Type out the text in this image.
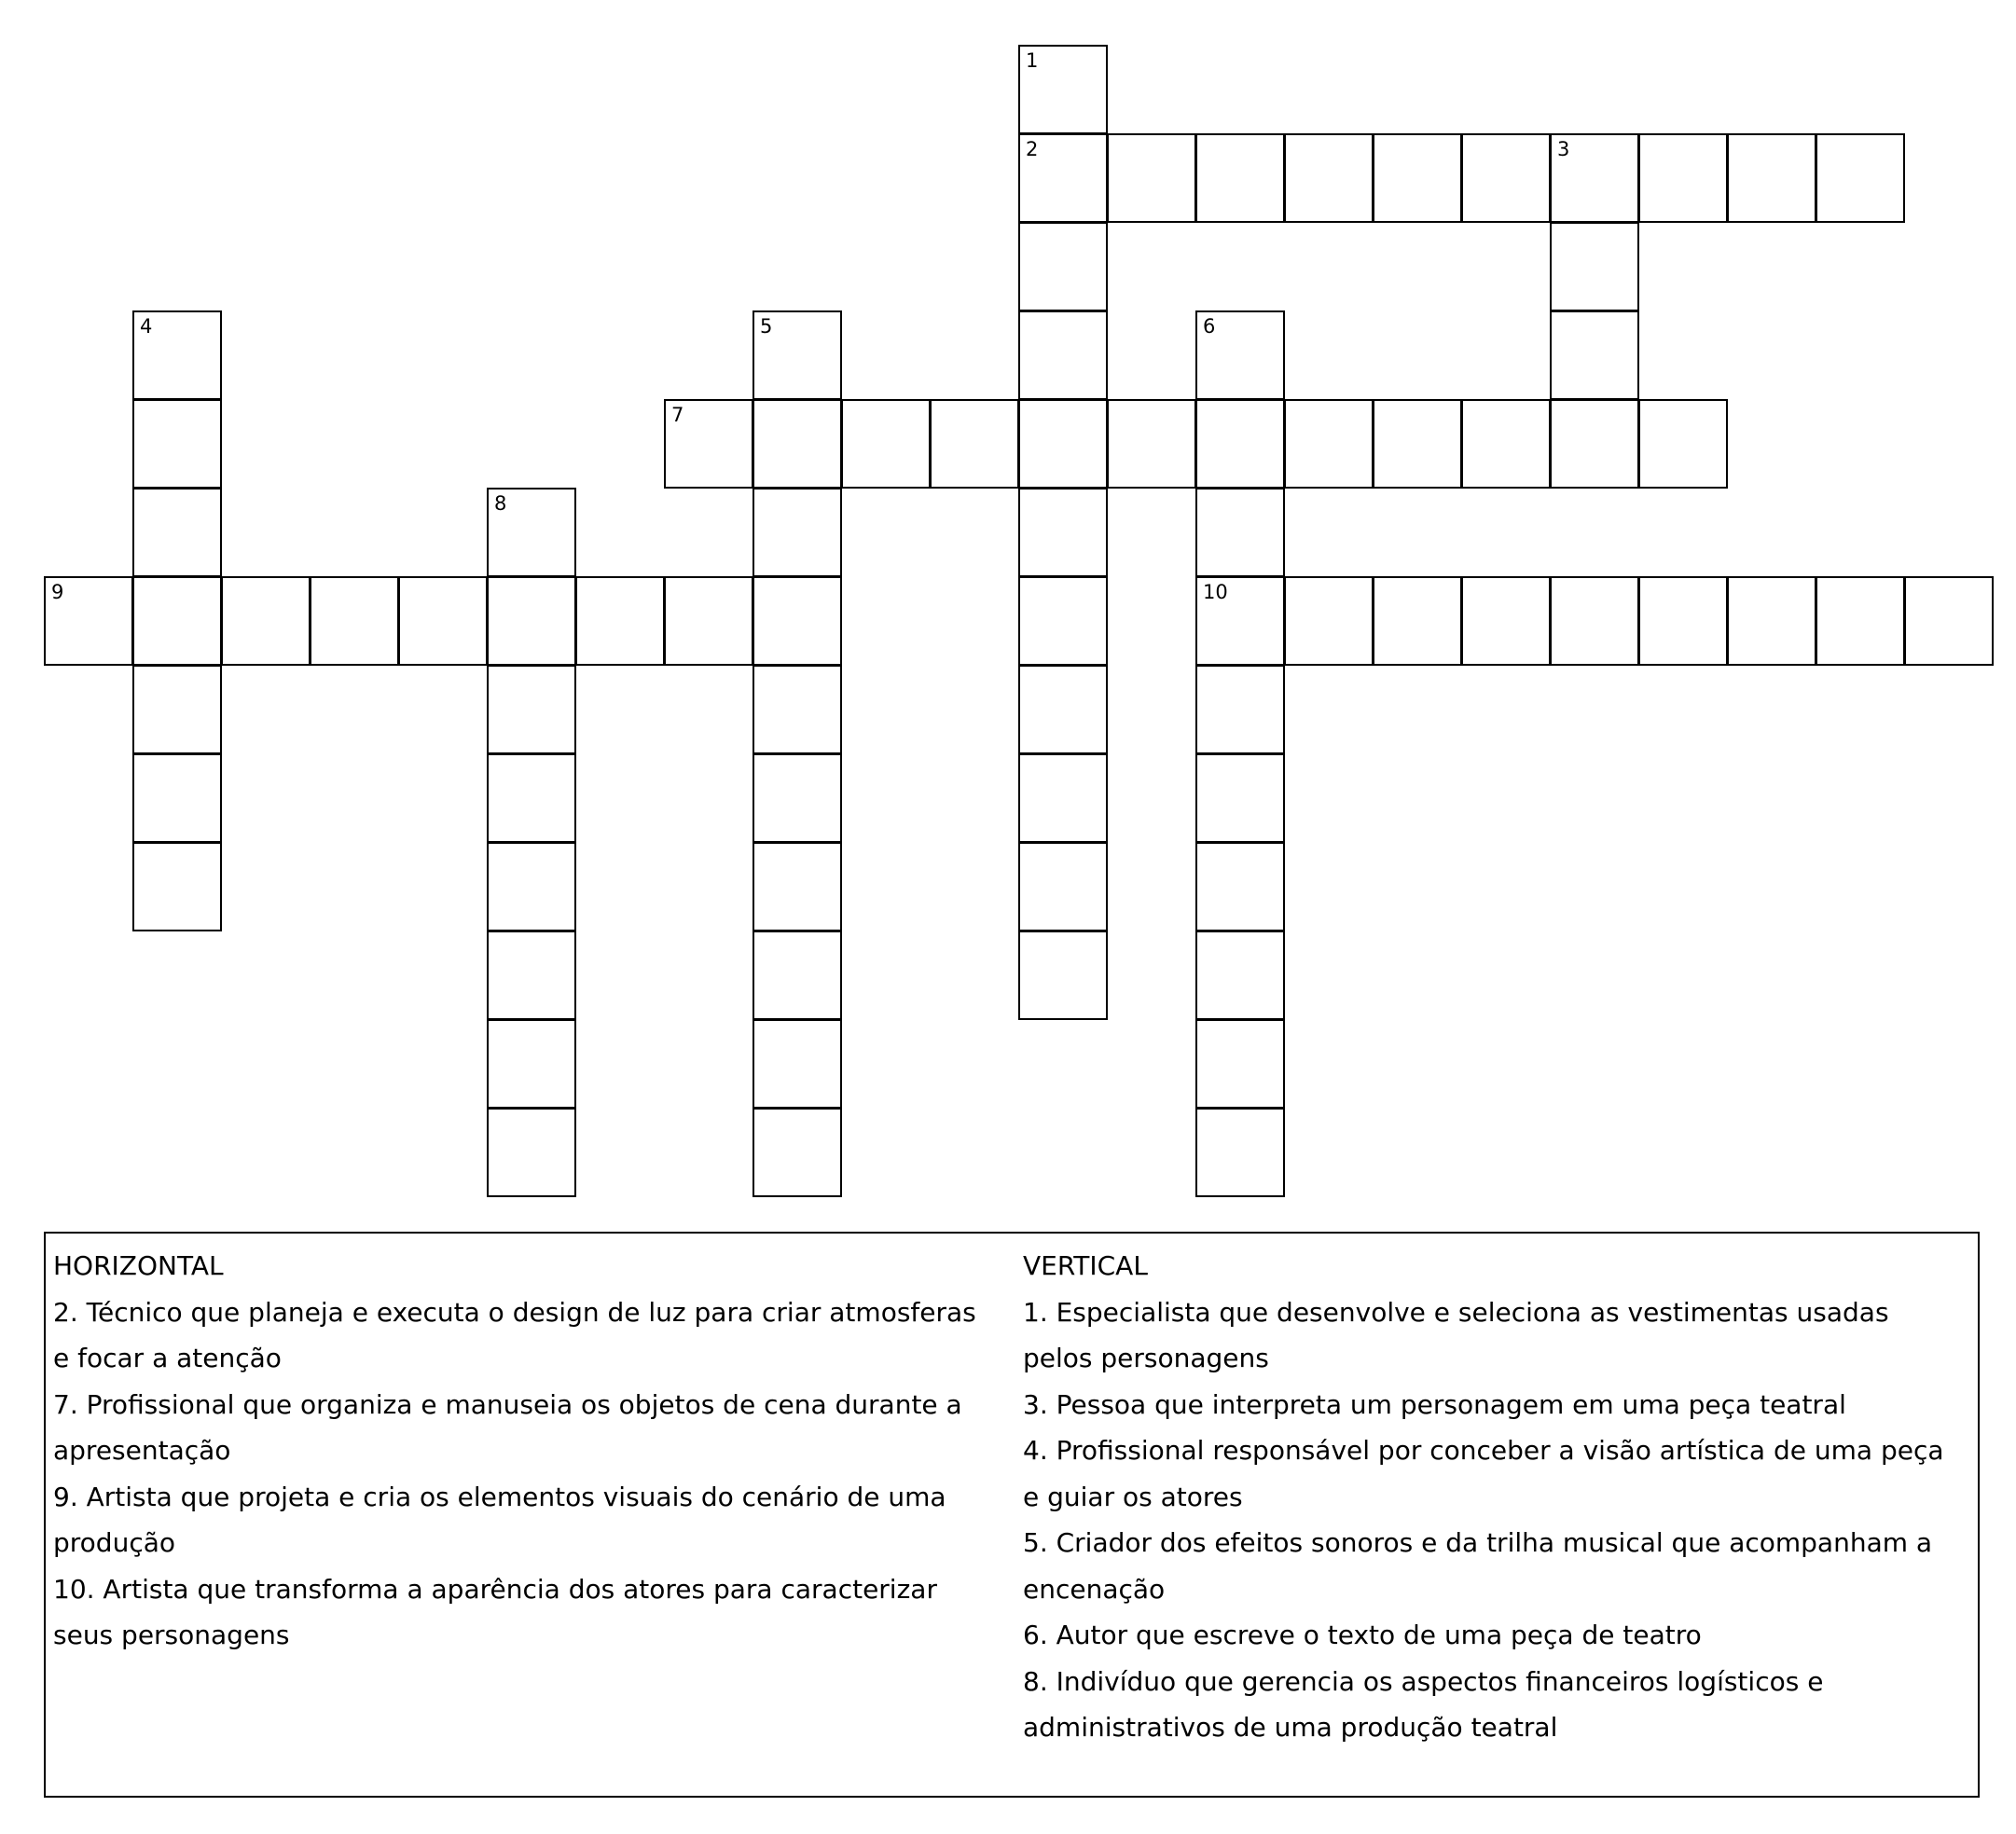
1
2	3
4	5	6
10
7
8
9
HORIZONTAL
2. Técnico que planeja e executa o design de luz para criar atmosferas e focar a atenção
7. Profissional que organiza e manuseia os objetos de cena durante a apresentação
9. Artista que projeta e cria os elementos visuais do cenário de uma produção
10. Artista que transforma a aparência dos atores para caracterizar seus personagens
VERTICAL
1. Especialista que desenvolve e seleciona as vestimentas usadas pelos personagens
3. Pessoa que interpreta um personagem em uma peça teatral
4. Profissional responsável por conceber a visão artística de uma peça e guiar os atores
5. Criador dos efeitos sonoros e da trilha musical que acompanham a encenação
6. Autor que escreve o texto de uma peça de teatro
8. Indivíduo que gerencia os aspectos financeiros logísticos e administrativos de uma produção teatral
